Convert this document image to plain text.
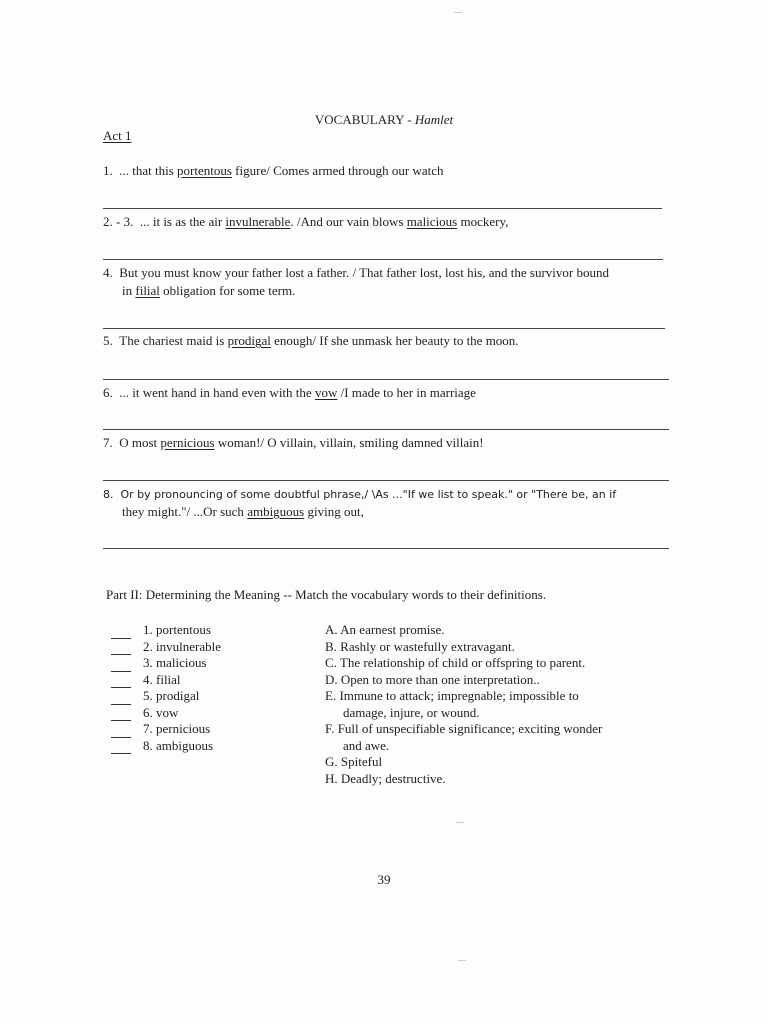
VOCABULARY - Hamlet
Act 1
1. ... that this portentous figure/ Comes armed through our watch
2. - 3. ... it is as the air invulnerable. /And our vain blows malicious mockery,
4. But you must know your father lost a father. / That father lost, lost his, and the survivor bound
in filial obligation for some term.
5. The chariest maid is prodigal enough/ If she unmask her beauty to the moon.
6. ... it went hand in hand even with the vow /I made to her in marriage
7. O most pernicious woman!/ O villain, villain, smiling damned villain!
8. Or by pronouncing of some doubtful phrase,/ \As ..."If we list to speak." or "There be, an if
they might."/ ...Or such ambiguous giving out,
Part II: Determining the Meaning -- Match the vocabulary words to their definitions.
1. portentous
2. invulnerable
3. malicious
4. filial
5. prodigal
6. vow
7. pernicious
8. ambiguous
A. An earnest promise.
B. Rashly or wastefully extravagant.
C. The relationship of child or offspring to parent.
D. Open to more than one interpretation..
E. Immune to attack; impregnable; impossible to
damage, injure, or wound.
F. Full of unspecifiable significance; exciting wonder
and awe.
G. Spiteful
H. Deadly; destructive.
39
